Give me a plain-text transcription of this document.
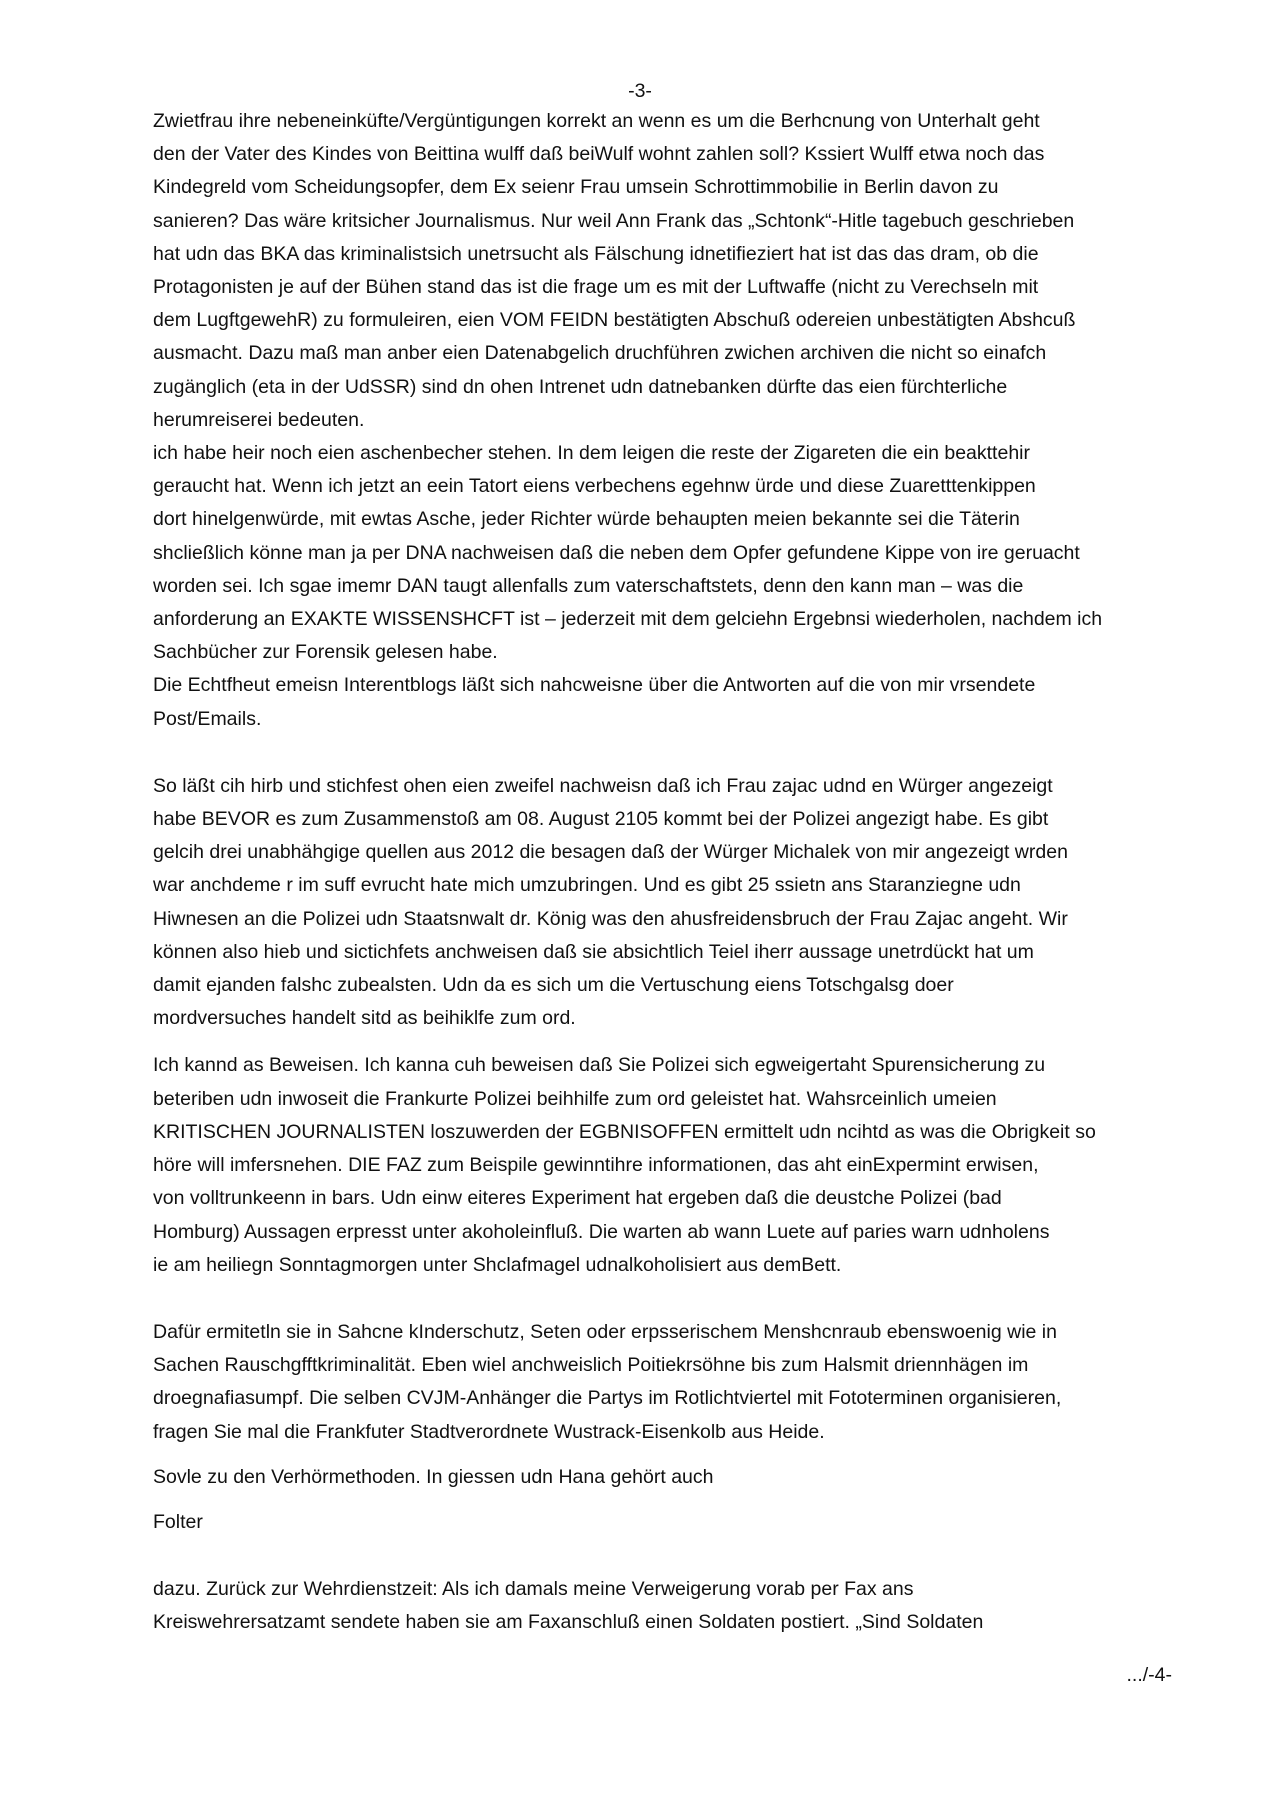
-3-

Zwietfrau ihre nebeneinküfte/Vergüntigungen korrekt an wenn es um die Berhcnung von Unterhalt geht
den der Vater des Kindes von Beittina wulff daß beiWulf wohnt zahlen soll? Kssiert Wulff etwa noch das
Kindegreld vom Scheidungsopfer, dem Ex seienr Frau umsein Schrottimmobilie in Berlin davon zu
sanieren? Das wäre kritsicher Journalismus. Nur weil Ann Frank das „Schtonk“-Hitle tagebuch geschrieben
hat udn das BKA das kriminalistsich unetrsucht als Fälschung idnetifieziert hat ist das das dram, ob die
Protagonisten je auf der Bühen stand das ist die frage um es mit der Luftwaffe (nicht zu Verechseln mit
dem LugftgewehR) zu formuleiren, eien VOM FEIDN bestätigten Abschuß odereien unbestätigten Abshcuß
ausmacht. Dazu maß man anber eien Datenabgelich druchführen zwichen archiven die nicht so einafch
zugänglich (eta in der UdSSR) sind dn ohen Intrenet udn datnebanken dürfte das eien fürchterliche
herumreiserei bedeuten.

ich habe heir noch eien aschenbecher stehen. In dem leigen die reste der Zigareten die ein beakttehir
geraucht hat. Wenn ich jetzt an eein Tatort eiens verbechens egehnw ürde und diese Zuaretttenkippen
dort hinelgenwürde, mit ewtas Asche, jeder Richter würde behaupten meien bekannte sei die Täterin
shcließlich könne man ja per DNA nachweisen daß die neben dem Opfer gefundene Kippe von ire geruacht
worden sei. Ich sgae imemr DAN taugt allenfalls zum vaterschaftstets, denn den kann man – was die
anforderung an EXAKTE WISSENSHCFT ist – jederzeit mit dem gelciehn Ergebnsi wiederholen, nachdem ich
Sachbücher zur Forensik gelesen habe.

Die Echtfheut emeisn Interentblogs läßt sich nahcweisne über die Antworten auf die von mir vrsendete
Post/Emails.

So läßt cih hirb und stichfest ohen eien zweifel nachweisn daß ich Frau zajac udnd en Würger angezeigt
habe BEVOR es zum Zusammenstoß am 08. August 2105 kommt bei der Polizei angezigt habe. Es gibt
gelcih drei unabhähgige quellen aus 2012 die besagen daß der Würger Michalek von mir angezeigt wrden
war anchdeme r im suff evrucht hate mich umzubringen. Und es gibt 25 ssietn ans Staranziegne udn
Hiwnesen an die Polizei udn Staatsnwalt dr. König was den ahusfreidensbruch der Frau Zajac angeht. Wir
können also hieb und sictichfets anchweisen daß sie absichtlich Teiel iherr aussage unetrdückt hat um
damit ejanden falshc zubealsten. Udn da es sich um die Vertuschung eiens Totschgalsg doer
mordversuches handelt sitd as beihiklfe zum ord.

Ich kannd as Beweisen. Ich kanna cuh beweisen daß Sie Polizei sich egweigertaht Spurensicherung zu
beteriben udn inwoseit die Frankurte Polizei beihhilfe zum ord geleistet hat. Wahsrceinlich umeien
KRITISCHEN JOURNALISTEN loszuwerden der EGBNISOFFEN ermittelt udn ncihtd as was die Obrigkeit so
höre will imfersnehen. DIE FAZ zum Beispile gewinntihre informationen, das aht einExpermint erwisen,
von volltrunkeenn in bars. Udn einw eiteres Experiment hat ergeben daß die deustche Polizei (bad
Homburg) Aussagen erpresst unter akoholeinfluß. Die warten ab wann Luete auf paries warn udnholens
ie am heiliegn Sonntagmorgen unter Shclafmagel udnalkoholisiert aus demBett.

Dafür ermitetln sie in Sahcne kInderschutz, Seten oder erpsserischem Menshcnraub ebenswoenig wie in
Sachen Rauschgfftkriminalität. Eben wiel anchweislich Poitiekrsöhne bis zum Halsmit driennhägen im
droegnafiasumpf. Die selben CVJM-Anhänger die Partys im Rotlichtviertel mit Fototerminen organisieren,
fragen Sie mal die Frankfuter Stadtverordnete Wustrack-Eisenkolb aus Heide.

Sovle zu den Verhörmethoden. In giessen udn Hana gehört auch

Folter

dazu. Zurück zur Wehrdienstzeit: Als ich damals meine Verweigerung vorab per Fax ans
Kreiswehrersatzamt sendete haben sie am Faxanschluß einen Soldaten postiert. „Sind Soldaten

.../-4-
